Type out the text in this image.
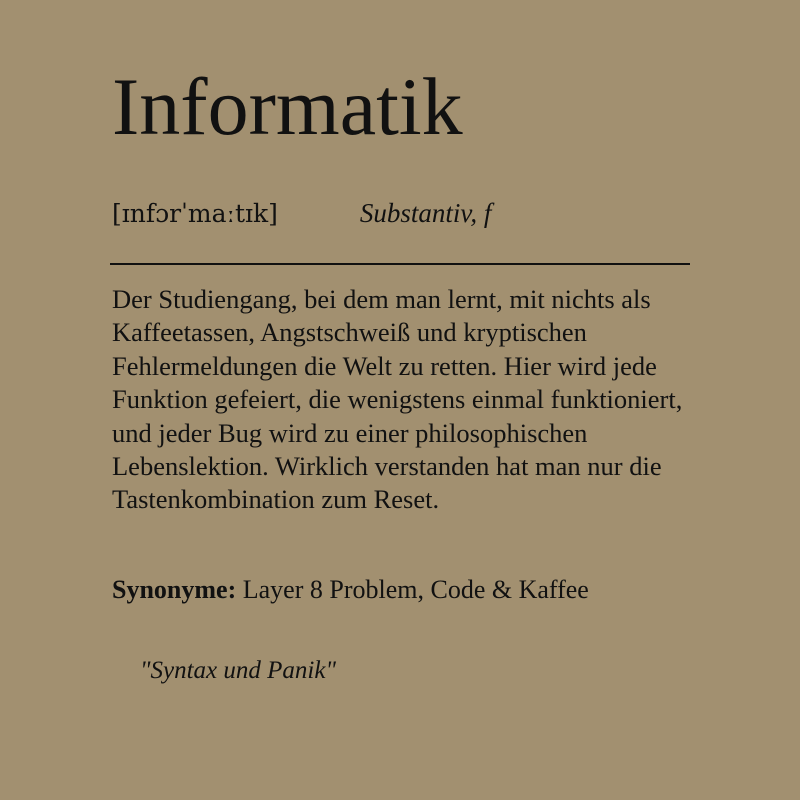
Informatik
[ɪnfɔrˈmaːtɪk]	Substantiv, f
Der Studiengang, bei dem man lernt, mit nichts als Kaffeetassen, Angstschweiß und kryptischen Fehlermeldungen die Welt zu retten. Hier wird jede Funktion gefeiert, die wenigstens einmal funktioniert, und jeder Bug wird zu einer philosophischen Lebenslektion. Wirklich verstanden hat man nur die Tastenkombination zum Reset.
Synonyme: Layer 8 Problem, Code & Kaffee
"Syntax und Panik"
